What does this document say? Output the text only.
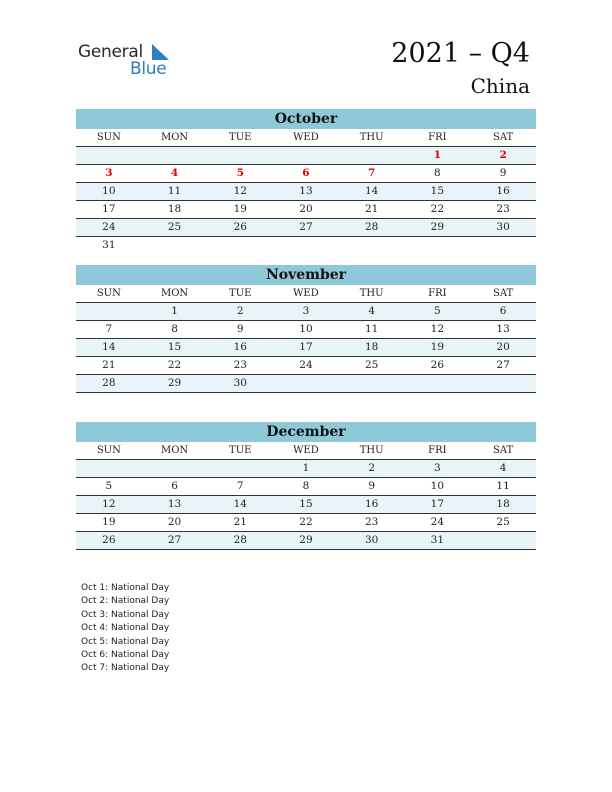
General
Blue	2021 – Q4
China
October
SUN	MON	TUE	WED	THU	FRI	SAT
					1	2
3	4	5	6	7	8	9
10	11	12	13	14	15	16
17	18	19	20	21	22	23
24	25	26	27	28	29	30
31						
November
SUN	MON	TUE	WED	THU	FRI	SAT
	1	2	3	4	5	6
7	8	9	10	11	12	13
14	15	16	17	18	19	20
21	22	23	24	25	26	27
28	29	30				
December
SUN	MON	TUE	WED	THU	FRI	SAT
			1	2	3	4
5	6	7	8	9	10	11
12	13	14	15	16	17	18
19	20	21	22	23	24	25
26	27	28	29	30	31	
Oct 1: National Day
Oct 2: National Day
Oct 3: National Day
Oct 4: National Day
Oct 5: National Day
Oct 6: National Day
Oct 7: National Day
